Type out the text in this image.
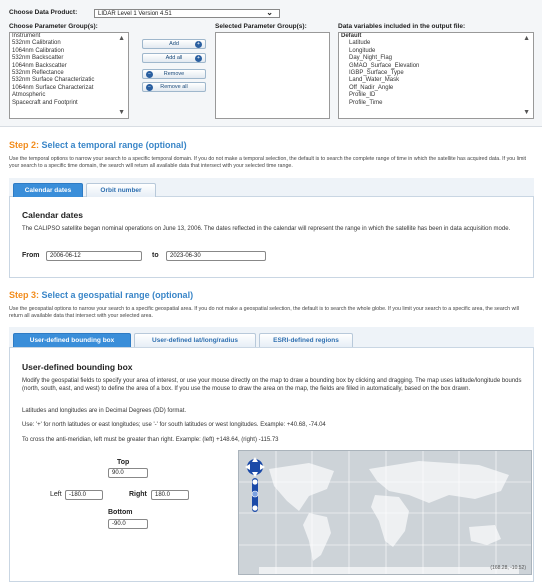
Choose Data Product:	LIDAR Level 1 Version 4.51	⌄
Choose Parameter Group(s):
Instrument
532nm Calibration
1064nm Calibration
532nm Backscatter
1064nm Backscatter
532nm Reflectance
532nm Surface Characterizatic
1064nm Surface Characterizat
Atmospheric
Spacecraft and Footprint
▲
▼
+
Add
+
Add all
−	Remove
−	Remove all
Selected Parameter Group(s):	Data variables included in the output file:
Default
Latitude
Longitude
Day_Night_Flag
GMAO_Surface_Elevation
IGBP_Surface_Type
Land_Water_Mask
Off_Nadir_Angle
Profile_ID
Profile_Time
▲
▼
Step 2: Select a temporal range (optional)
Use the temporal options to narrow your search to a specific temporal domain. If you do not make a temporal selection, the default is to search the complete range of time in which the satellite has acquired data. If you limit your search to a specific time domain, the search will return all available data that intersect with your selected time range.
Calendar dates	Orbit number
Calendar dates
The CALIPSO satellite began nominal operations on June 13, 2006. The dates reflected in the calendar will represent the range in which the satellite has been in data acquisition mode.
From	2006-06-12	to	2023-06-30
Step 3: Select a geospatial range (optional)
Use the geospatial options to narrow your search to a specific geospatial area. If you do not make a geospatial selection, the default is to search the whole globe. If you limit your search to a specific area, the search will return all available data that intersect with your selected area.
User-defined bounding box	User-defined lat/long/radius	ESRI-defined regions
User-defined bounding box
Modify the geospatial fields to specify your area of interest, or use your mouse directly on the map to draw a bounding box by clicking and dragging. The map uses latitude/longitude bounds (north, south, east, and west) to define the area of a box. If you use the mouse to draw the area on the map, the fields are filled in automatically, based on the box drawn.
Latitudes and longitudes are in Decimal Degrees (DD) format.
Use: '+' for north latitudes or east longitudes; use '-' for south latitudes or west longitudes. Example: +40.68, -74.04
To cross the anti-meridian, left must be greater than right. Example: (left) +148.64, (right) -115.73
Top
90.0
Left	-180.0	Right	180.0
Bottom
-90.0
(168.28, -10.52)
